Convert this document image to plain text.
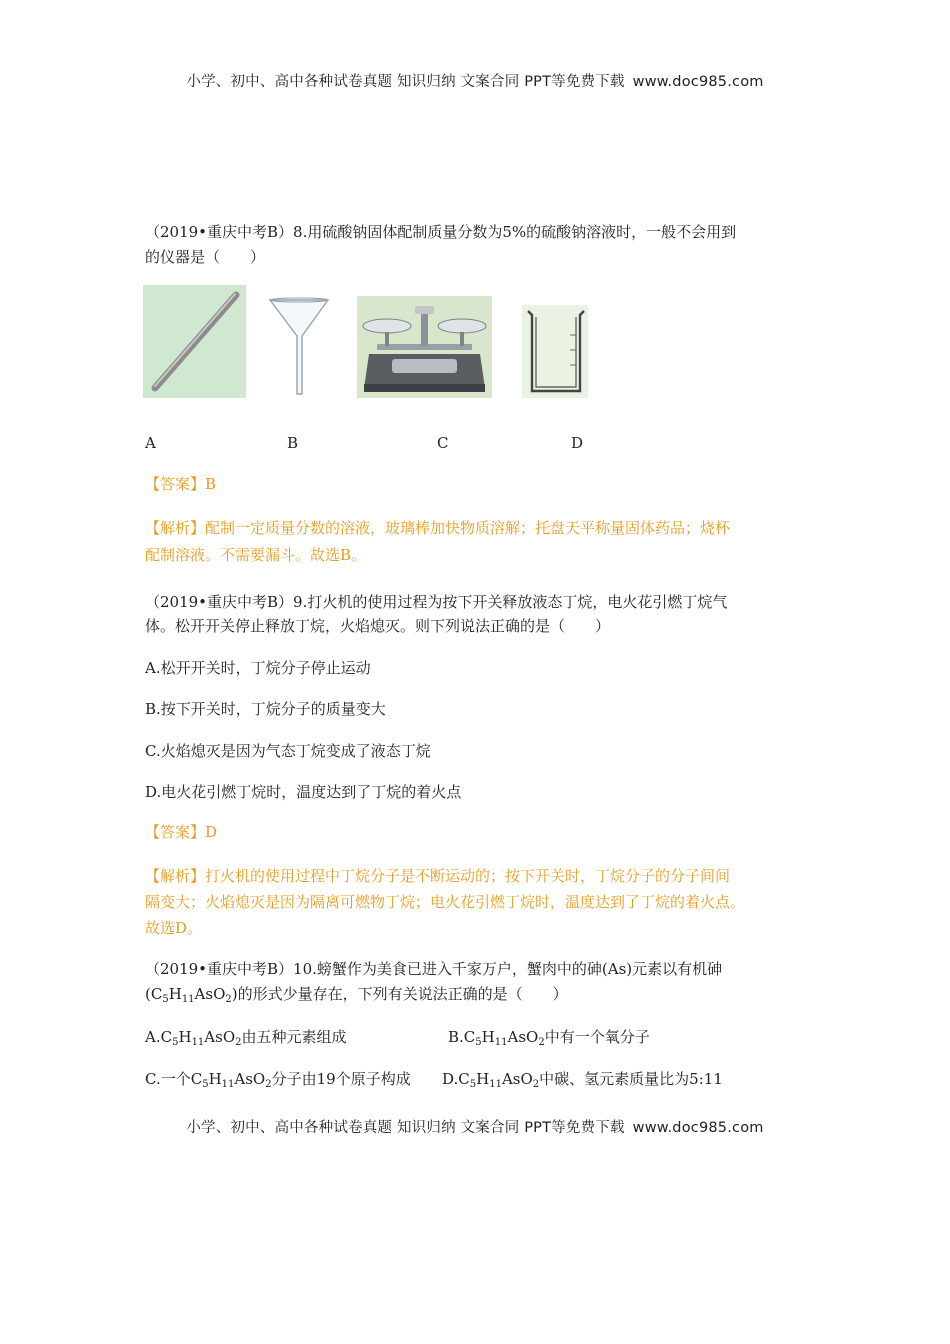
小学、初中、高中各种试卷真题 知识归纳 文案合同 PPT等免费下载 www.doc985.com
（2019•重庆中考B）8.用硫酸钠固体配制质量分数为5%的硫酸钠溶液时，一般不会用到
的仪器是（　　）
A	B	C	D
【答案】B
【解析】配制一定质量分数的溶液，玻璃棒加快物质溶解；托盘天平称量固体药品；烧杯
配制溶液。不需要漏斗。故选B。
（2019•重庆中考B）9.打火机的使用过程为按下开关释放液态丁烷，电火花引燃丁烷气
体。松开开关停止释放丁烷，火焰熄灭。则下列说法正确的是（　　）
A.松开开关时，丁烷分子停止运动
B.按下开关时，丁烷分子的质量变大
C.火焰熄灭是因为气态丁烷变成了液态丁烷
D.电火花引燃丁烷时，温度达到了丁烷的着火点
【答案】D
【解析】打火机的使用过程中丁烷分子是不断运动的；按下开关时，丁烷分子的分子间间
隔变大；火焰熄灭是因为隔离可燃物丁烷；电火花引燃丁烷时，温度达到了丁烷的着火点。
故选D。
（2019•重庆中考B）10.螃蟹作为美食已进入千家万户，蟹肉中的砷(As)元素以有机砷
$(C_5H_{11}AsO_2)$的形式少量存在，下列有关说法正确的是（　　）
$A.C_5H_{11}AsO_2$由五种元素组成	$B.C_5H_{11}AsO_2$中有一个氧分子
C.一个$C_5H_{11}AsO_2$分子由19个原子构成 $D.C_5H_{11}AsO_2$中碳、氢元素质量比为5:11
小学、初中、高中各种试卷真题 知识归纳 文案合同 PPT等免费下载 www.doc985.com
